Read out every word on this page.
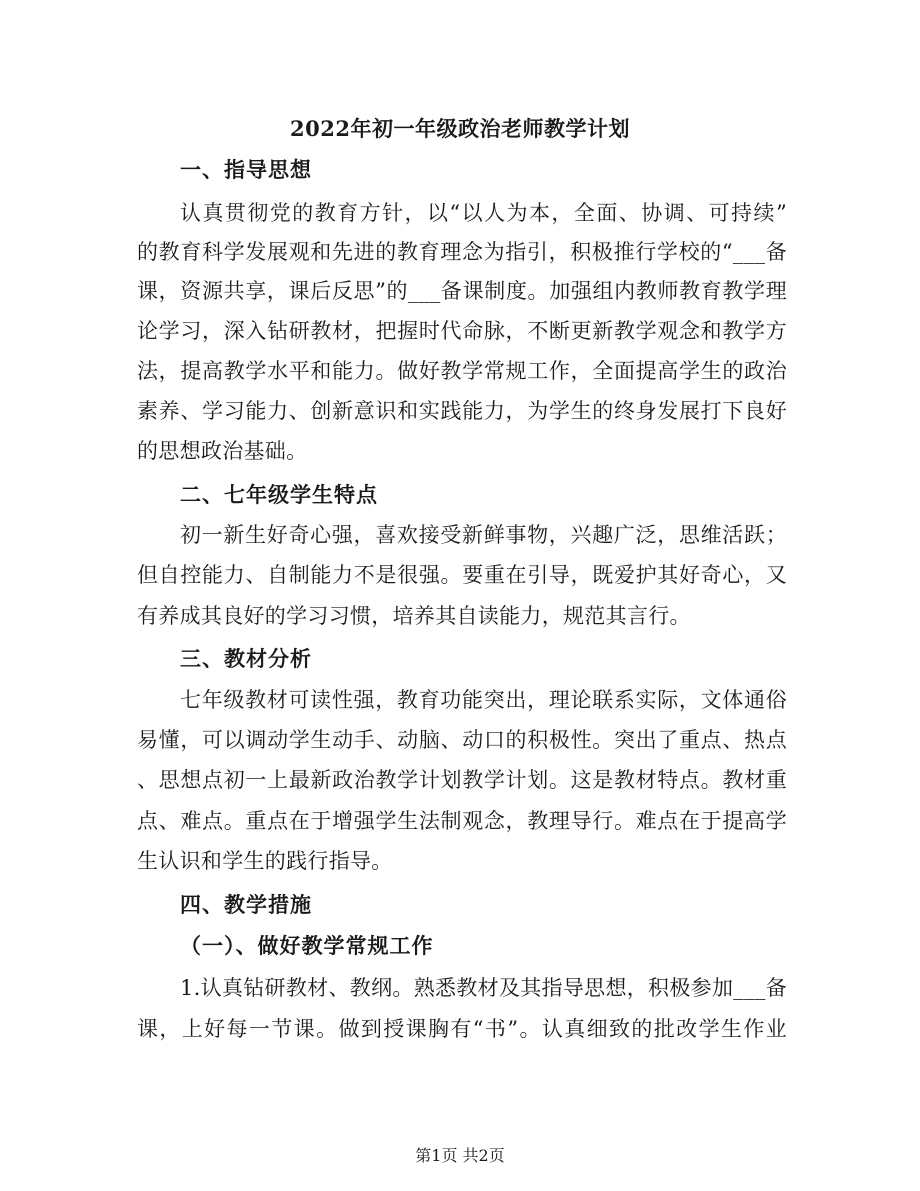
2022年初一年级政治老师教学计划
一、指导思想
认真贯彻党的教育方针，以“以人为本，全面、协调、可持续”
的教育科学发展观和先进的教育理念为指引，积极推行学校的“___备
课，资源共享，课后反思”的___备课制度。加强组内教师教育教学理
论学习，深入钻研教材，把握时代命脉，不断更新教学观念和教学方
法，提高教学水平和能力。做好教学常规工作，全面提高学生的政治
素养、学习能力、创新意识和实践能力，为学生的终身发展打下良好
的思想政治基础。
二、七年级学生特点
初一新生好奇心强，喜欢接受新鲜事物，兴趣广泛，思维活跃；
但自控能力、自制能力不是很强。要重在引导，既爱护其好奇心，又
有养成其良好的学习习惯，培养其自读能力，规范其言行。
三、教材分析
七年级教材可读性强，教育功能突出，理论联系实际，文体通俗
易懂，可以调动学生动手、动脑、动口的积极性。突出了重点、热点
、思想点初一上最新政治教学计划教学计划。这是教材特点。教材重
点、难点。重点在于增强学生法制观念，教理导行。难点在于提高学
生认识和学生的践行指导。
四、教学措施
（一）、做好教学常规工作
1.认真钻研教材、教纲。熟悉教材及其指导思想，积极参加___备
课，上好每一节课。做到授课胸有“书”。认真细致的批改学生作业
第1页 共2页
